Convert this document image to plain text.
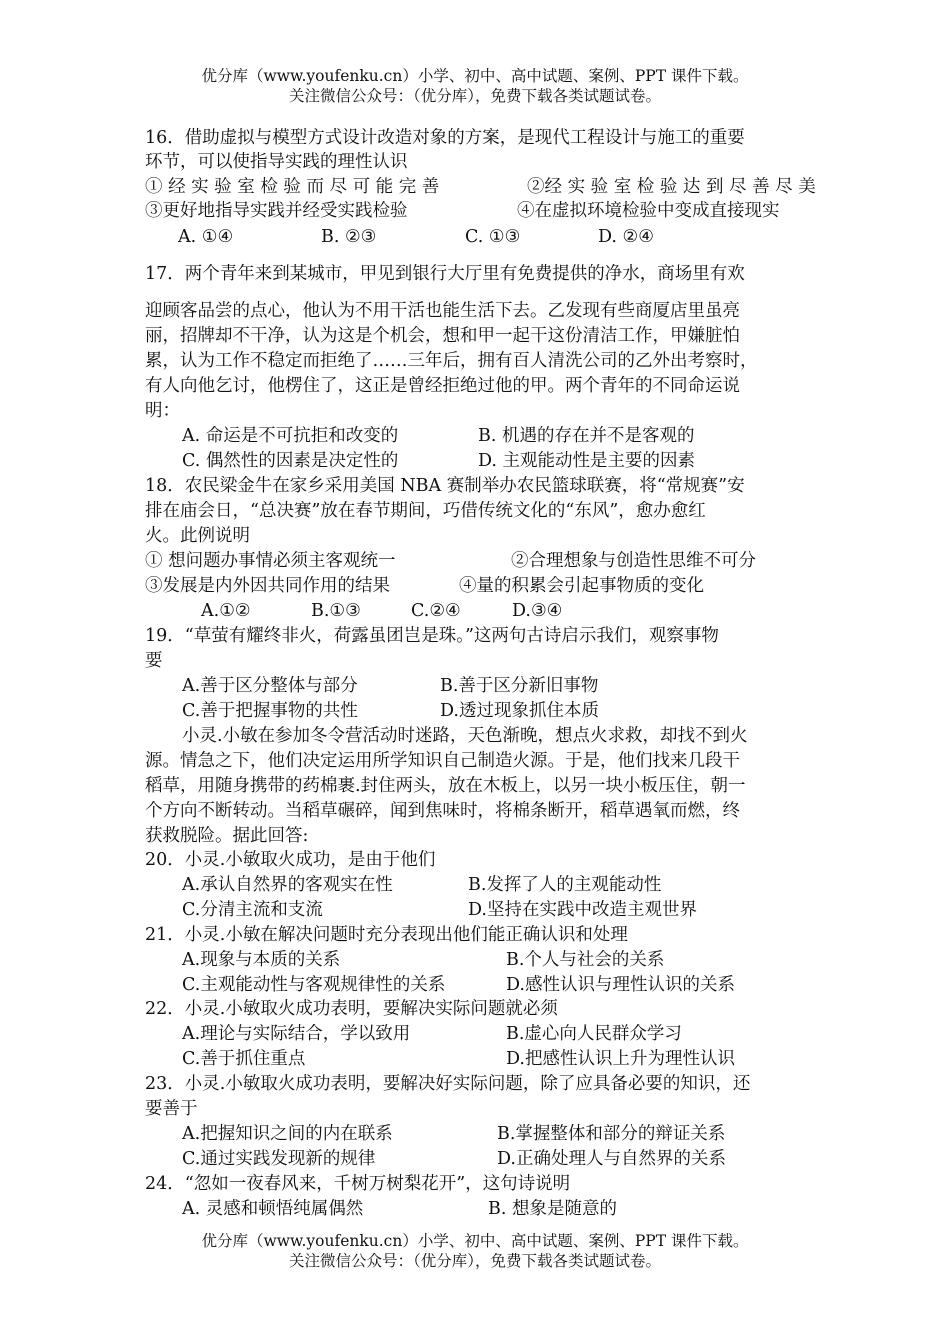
优分库（www.youfenku.cn）小学、初中、高中试题、案例、PPT 课件下载。
关注微信公众号：（优分库），免费下载各类试题试卷。
16．借助虚拟与模型方式设计改造对象的方案，是现代工程设计与施工的重要
环节，可以使指导实践的理性认识
① 经 实 验 室 检 验 而 尽 可 能 完 善	②经 实 验 室 检 验 达 到 尽 善 尽 美
③更好地指导实践并经受实践检验	④在虚拟环境检验中变成直接现实
A. ①④	B. ②③	C. ①③	D. ②④
17．两个青年来到某城市，甲见到银行大厅里有免费提供的净水，商场里有欢
迎顾客品尝的点心，他认为不用干活也能生活下去。乙发现有些商厦店里虽亮
丽，招牌却不干净，认为这是个机会，想和甲一起干这份清洁工作，甲嫌脏怕
累，认为工作不稳定而拒绝了……三年后，拥有百人清洗公司的乙外出考察时，
有人向他乞讨，他楞住了，这正是曾经拒绝过他的甲。两个青年的不同命运说
明：
A. 命运是不可抗拒和改变的	B. 机遇的存在并不是客观的
C. 偶然性的因素是决定性的	D. 主观能动性是主要的因素
18．农民梁金牛在家乡采用美国 NBA 赛制举办农民篮球联赛，将“常规赛”安
排在庙会日，“总决赛”放在春节期间，巧借传统文化的“东风”，愈办愈红
火。此例说明
① 想问题办事情必须主客观统一	②合理想象与创造性思维不可分
③发展是内外因共同作用的结果	④量的积累会引起事物质的变化
A.①②	B.①③	C.②④	D.③④
19．“草萤有耀终非火，荷露虽团岂是珠。”这两句古诗启示我们，观察事物
要
A.善于区分整体与部分	B.善于区分新旧事物
C.善于把握事物的共性	D.透过现象抓住本质
小灵.小敏在参加冬令营活动时迷路，天色渐晚，想点火求救，却找不到火
源。情急之下，他们决定运用所学知识自己制造火源。于是，他们找来几段干
稻草，用随身携带的药棉裹.封住两头，放在木板上，以另一块小板压住，朝一
个方向不断转动。当稻草碾碎，闻到焦味时，将棉条断开，稻草遇氧而燃，终
获救脱险。据此回答:
20．小灵.小敏取火成功，是由于他们
A.承认自然界的客观实在性	B.发挥了人的主观能动性
C.分清主流和支流	D.坚持在实践中改造主观世界
21．小灵.小敏在解决问题时充分表现出他们能正确认识和处理
A.现象与本质的关系	B.个人与社会的关系
C.主观能动性与客观规律性的关系	D.感性认识与理性认识的关系
22．小灵.小敏取火成功表明，要解决实际问题就必须
A.理论与实际结合，学以致用	B.虚心向人民群众学习
C.善于抓住重点	D.把感性认识上升为理性认识
23．小灵.小敏取火成功表明，要解决好实际问题，除了应具备必要的知识，还
要善于
A.把握知识之间的内在联系	B.掌握整体和部分的辩证关系
C.通过实践发现新的规律	D.正确处理人与自然界的关系
24．“忽如一夜春风来，千树万树梨花开”，这句诗说明
A. 灵感和顿悟纯属偶然	B. 想象是随意的
优分库（www.youfenku.cn）小学、初中、高中试题、案例、PPT 课件下载。
关注微信公众号：（优分库），免费下载各类试题试卷。
